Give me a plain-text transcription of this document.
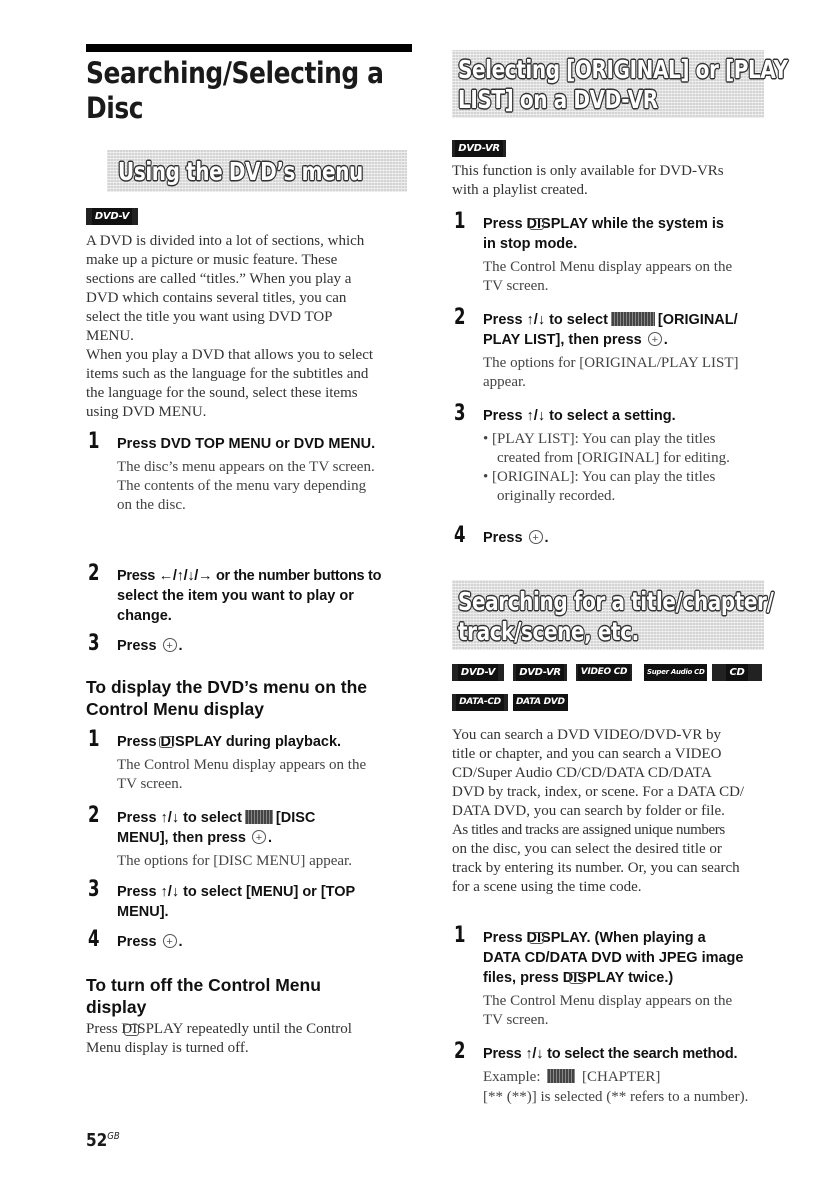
Searching/Selecting a
Disc
Using the DVD’s menu
DVD-V

A DVD is divided into a lot of sections, which

make up a picture or music feature. These

sections are called “titles.” When you play a

DVD which contains several titles, you can

select the title you want using DVD TOP

MENU.

When you play a DVD that allows you to select

items such as the language for the subtitles and

the language for the sound, select these items

using DVD MENU.

1 Press DVD TOP MENU or DVD MENU.

The disc’s menu appears on the TV screen.

The contents of the menu vary depending

on the disc.

2 Press ←/↑/↓/→ or the number buttons to

select the item you want to play or

change.

3 Press + .

To display the DVD’s menu on the

Control Menu display

1 Press DISPLAY during playback.

The Control Menu display appears on the

TV screen.

2 Press ↑/↓ to select [DISC

MENU], then press + .

The options for [DISC MENU] appear.

3 Press ↑/↓ to select [MENU] or [TOP

MENU].

4 Press + .

To turn off the Control Menu

display

Press DISPLAY repeatedly until the Control

Menu display is turned off.

$52^{GB}$
Selecting [ORIGINAL] or [PLAY
LIST] on a DVD-VR
DVD-VR

This function is only available for DVD-VRs

with a playlist created.

1 Press DISPLAY while the system is

in stop mode.

The Control Menu display appears on the

TV screen.

2 Press ↑/↓ to select	[ORIGINAL/

PLAY LIST], then press + .

The options for [ORIGINAL/PLAY LIST]

appear.

3 Press ↑/↓ to select a setting.

• [PLAY LIST]: You can play the titles

created from [ORIGINAL] for editing.

• [ORIGINAL]: You can play the titles

originally recorded.

4 Press + .

Searching for a title/chapter/
track/scene, etc.
DVD-V	DVD-VR	VIDEO CD	Super Audio CD	CD
DATA-CD	DATA DVD

You can search a DVD VIDEO/DVD-VR by

title or chapter, and you can search a VIDEO

CD/Super Audio CD/CD/DATA CD/DATA

DVD by track, index, or scene. For a DATA CD/

DATA DVD, you can search by folder or file.

As titles and tracks are assigned unique numbers

on the disc, you can select the desired title or

track by entering its number. Or, you can search

for a scene using the time code.

1 Press DISPLAY. (When playing a

DATA CD/DATA DVD with JPEG image

files, press DISPLAY twice.)

The Control Menu display appears on the

TV screen.

2 Press ↑/↓ to select the search method.

Example:	[CHAPTER]

[** (**)] is selected (** refers to a number).
